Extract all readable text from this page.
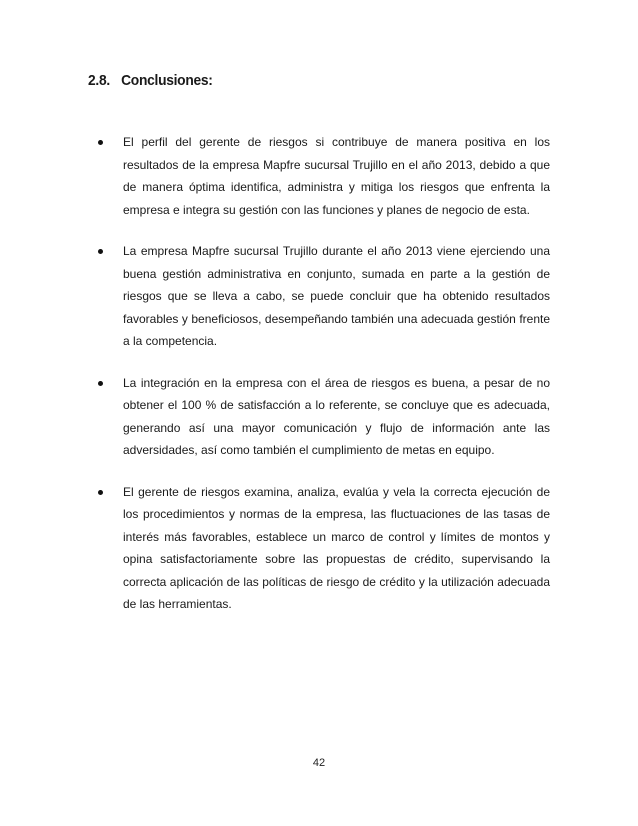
2.8. Conclusiones:
El perfil del gerente de riesgos si contribuye de manera positiva en los resultados de la empresa Mapfre sucursal Trujillo en el año 2013, debido a que de manera óptima identifica, administra y mitiga los riesgos que enfrenta la empresa e integra su gestión con las funciones y planes de negocio de esta.
La empresa Mapfre sucursal Trujillo durante el año 2013 viene ejerciendo una buena gestión administrativa en conjunto, sumada en parte a la gestión de riesgos que se lleva a cabo, se puede concluir que ha obtenido resultados favorables y beneficiosos, desempeñando también una adecuada gestión frente a la competencia.
La integración en la empresa con el área de riesgos es buena, a pesar de no obtener el 100 % de satisfacción a lo referente, se concluye que es adecuada, generando así una mayor comunicación y flujo de información ante las adversidades, así como también el cumplimiento de metas en equipo.
El gerente de riesgos examina, analiza, evalúa y vela la correcta ejecución de los procedimientos y normas de la empresa, las fluctuaciones de las tasas de interés más favorables, establece un marco de control y límites de montos y opina satisfactoriamente sobre las propuestas de crédito, supervisando la correcta aplicación de las políticas de riesgo de crédito y la utilización adecuada de las herramientas.
42
